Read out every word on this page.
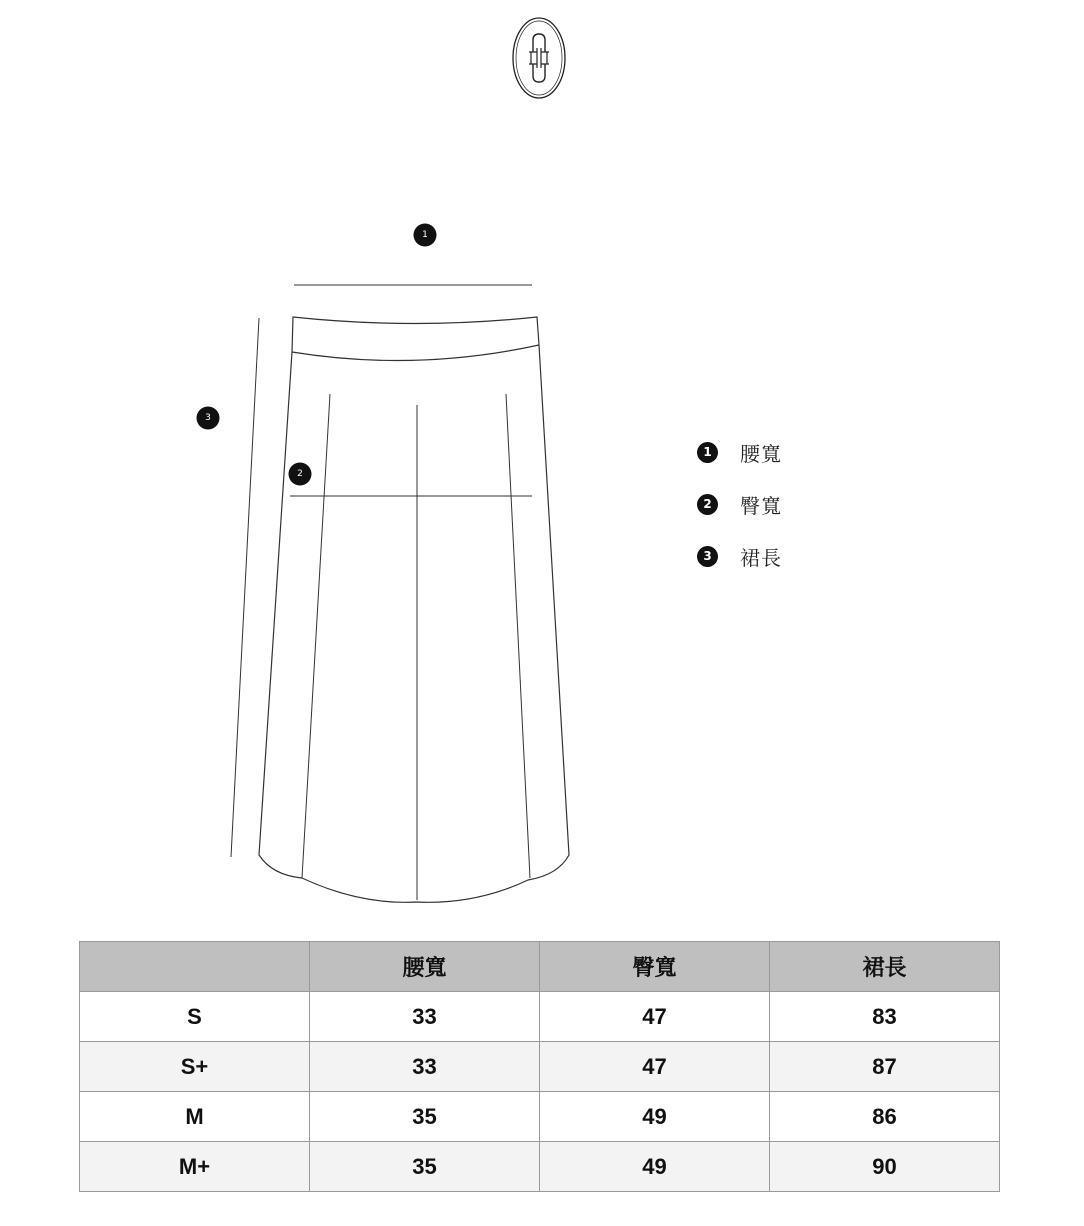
1
2
3
1	腰寬
2	臀寬
3	裙長
	腰寬	臀寬	裙長
S	33	47	83
S+	33	47	87
M	35	49	86
M+	35	49	90
